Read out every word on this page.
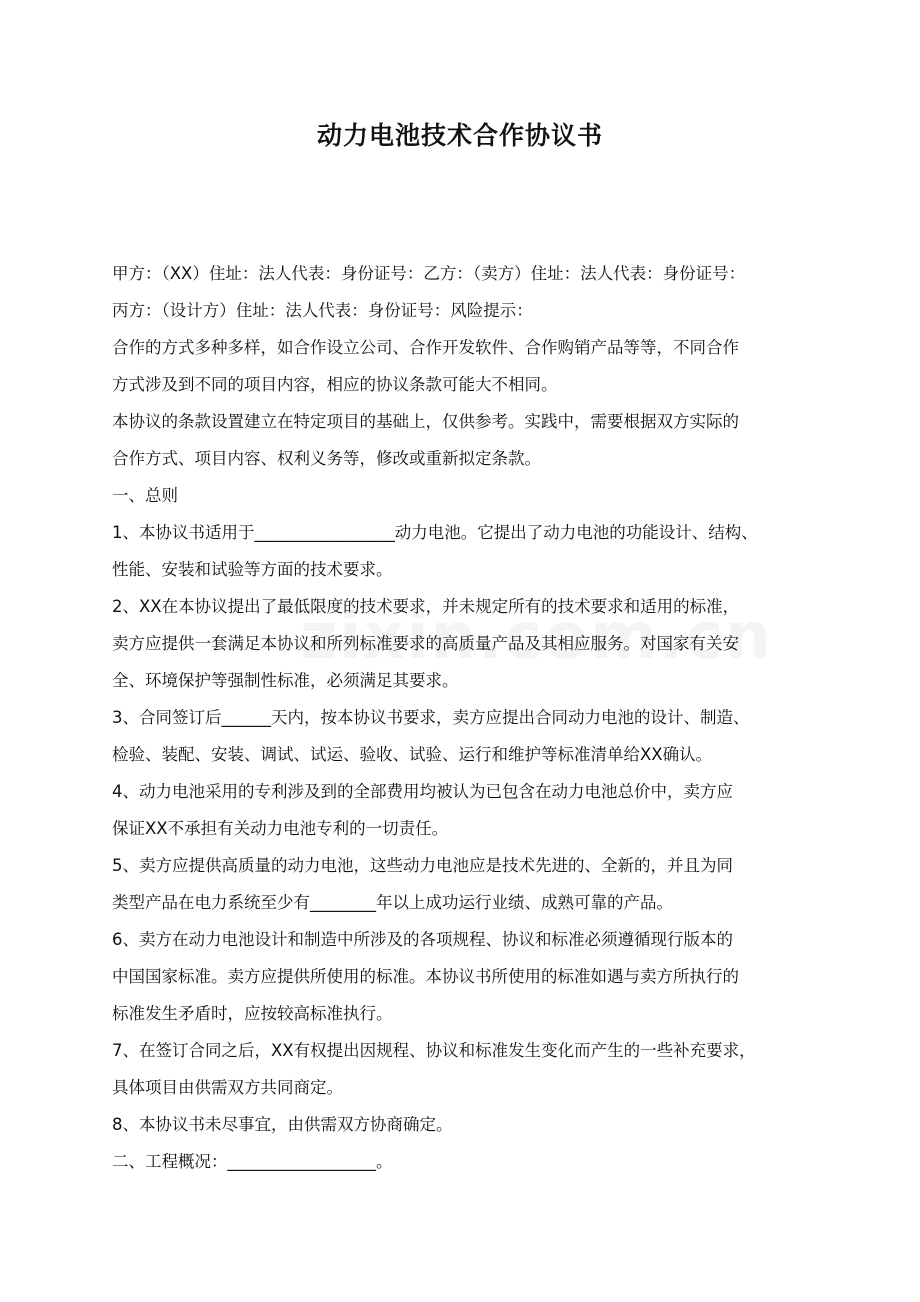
动力电池技术合作协议书
甲方：（XX）住址：法人代表：身份证号：乙方：（卖方）住址：法人代表：身份证号：
丙方：（设计方）住址：法人代表：身份证号：风险提示：
合作的方式多种多样，如合作设立公司、合作开发软件、合作购销产品等等，不同合作
方式涉及到不同的项目内容，相应的协议条款可能大不相同。
本协议的条款设置建立在特定项目的基础上，仅供参考。实践中，需要根据双方实际的
合作方式、项目内容、权利义务等，修改或重新拟定条款。
一、总则
1、本协议书适用于_________________动力电池。它提出了动力电池的功能设计、结构、
性能、安装和试验等方面的技术要求。
2、XX在本协议提出了最低限度的技术要求，并未规定所有的技术要求和适用的标准，
卖方应提供一套满足本协议和所列标准要求的高质量产品及其相应服务。对国家有关安
全、环境保护等强制性标准，必须满足其要求。
3、合同签订后______天内，按本协议书要求，卖方应提出合同动力电池的设计、制造、
检验、装配、安装、调试、试运、验收、试验、运行和维护等标准清单给XX确认。
4、动力电池采用的专利涉及到的全部费用均被认为已包含在动力电池总价中，卖方应
保证XX不承担有关动力电池专利的一切责任。
5、卖方应提供高质量的动力电池，这些动力电池应是技术先进的、全新的，并且为同
类型产品在电力系统至少有________年以上成功运行业绩、成熟可靠的产品。
6、卖方在动力电池设计和制造中所涉及的各项规程、协议和标准必须遵循现行版本的
中国国家标准。卖方应提供所使用的标准。本协议书所使用的标准如遇与卖方所执行的
标准发生矛盾时，应按较高标准执行。
7、在签订合同之后，XX有权提出因规程、协议和标准发生变化而产生的一些补充要求，
具体项目由供需双方共同商定。
8、本协议书未尽事宜，由供需双方协商确定。
二、工程概况：__________________。
